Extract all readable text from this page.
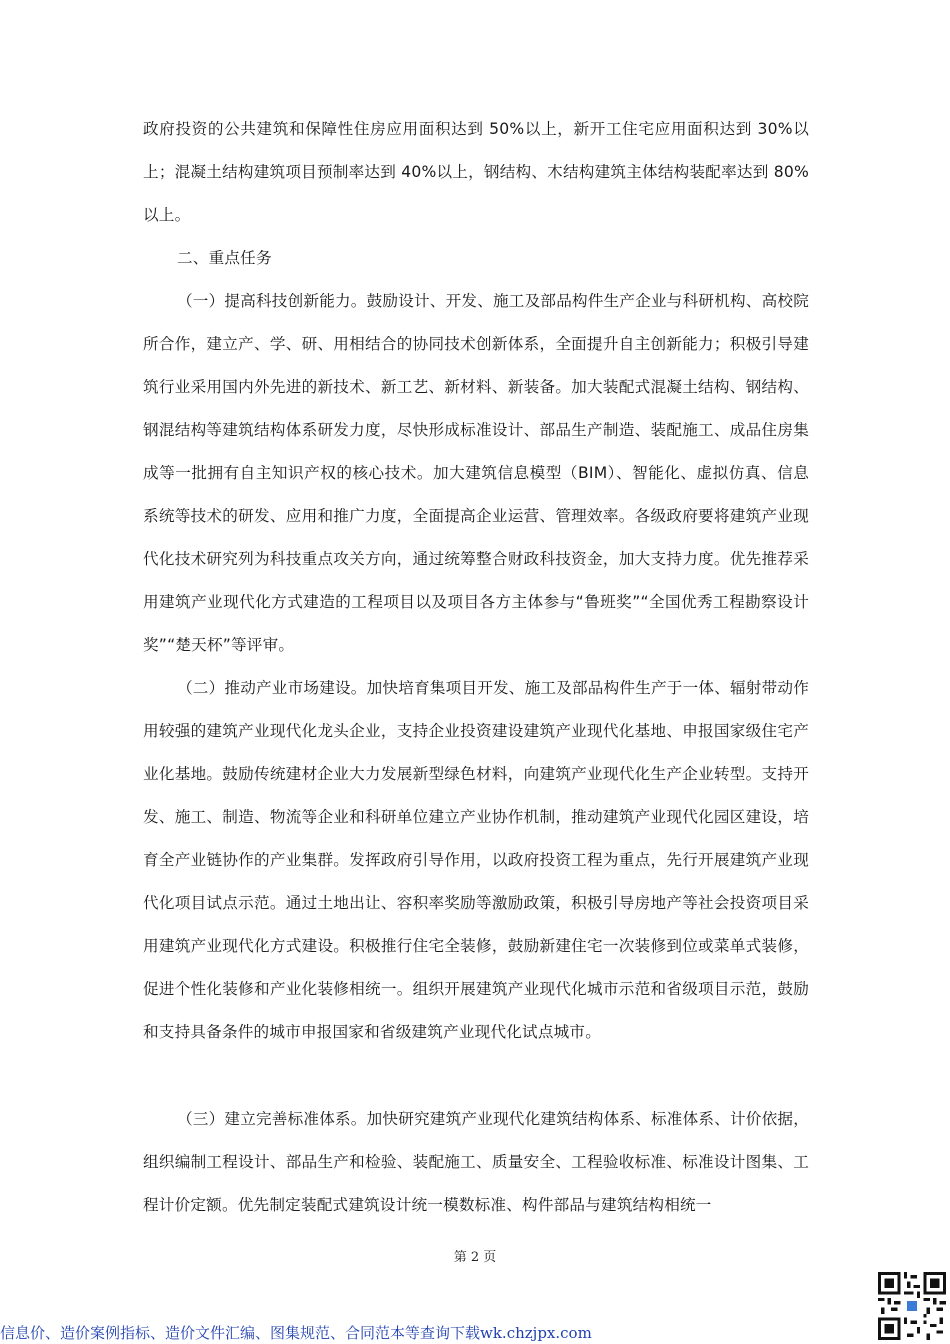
政府投资的公共建筑和保障性住房应用面积达到 50%以上，新开工住宅应用面积达到 30%以上；混凝土结构建筑项目预制率达到 40%以上，钢结构、木结构建筑主体结构装配率达到 80%以上。

二、重点任务

（一）提高科技创新能力。鼓励设计、开发、施工及部品构件生产企业与科研机构、高校院所合作，建立产、学、研、用相结合的协同技术创新体系，全面提升自主创新能力；积极引导建筑行业采用国内外先进的新技术、新工艺、新材料、新装备。加大装配式混凝土结构、钢结构、钢混结构等建筑结构体系研发力度，尽快形成标准设计、部品生产制造、装配施工、成品住房集成等一批拥有自主知识产权的核心技术。加大建筑信息模型（BIM）、智能化、虚拟仿真、信息系统等技术的研发、应用和推广力度，全面提高企业运营、管理效率。各级政府要将建筑产业现代化技术研究列为科技重点攻关方向，通过统筹整合财政科技资金，加大支持力度。优先推荐采用建筑产业现代化方式建造的工程项目以及项目各方主体参与“鲁班奖”“全国优秀工程勘察设计奖”“楚天杯”等评审。

（二）推动产业市场建设。加快培育集项目开发、施工及部品构件生产于一体、辐射带动作用较强的建筑产业现代化龙头企业，支持企业投资建设建筑产业现代化基地、申报国家级住宅产业化基地。鼓励传统建材企业大力发展新型绿色材料，向建筑产业现代化生产企业转型。支持开发、施工、制造、物流等企业和科研单位建立产业协作机制，推动建筑产业现代化园区建设，培育全产业链协作的产业集群。发挥政府引导作用，以政府投资工程为重点，先行开展建筑产业现代化项目试点示范。通过土地出让、容积率奖励等激励政策，积极引导房地产等社会投资项目采用建筑产业现代化方式建设。积极推行住宅全装修，鼓励新建住宅一次装修到位或菜单式装修，促进个性化装修和产业化装修相统一。组织开展建筑产业现代化城市示范和省级项目示范，鼓励和支持具备条件的城市申报国家和省级建筑产业现代化试点城市。

（三）建立完善标准体系。加快研究建筑产业现代化建筑结构体系、标准体系、计价依据，组织编制工程设计、部品生产和检验、装配施工、质量安全、工程验收标准、标准设计图集、工程计价定额。优先制定装配式建筑设计统一模数标准、构件部品与建筑结构相统一

第 2 页
信息价、造价案例指标、造价文件汇编、图集规范、合同范本等查询下载wk.chzjpx.com
